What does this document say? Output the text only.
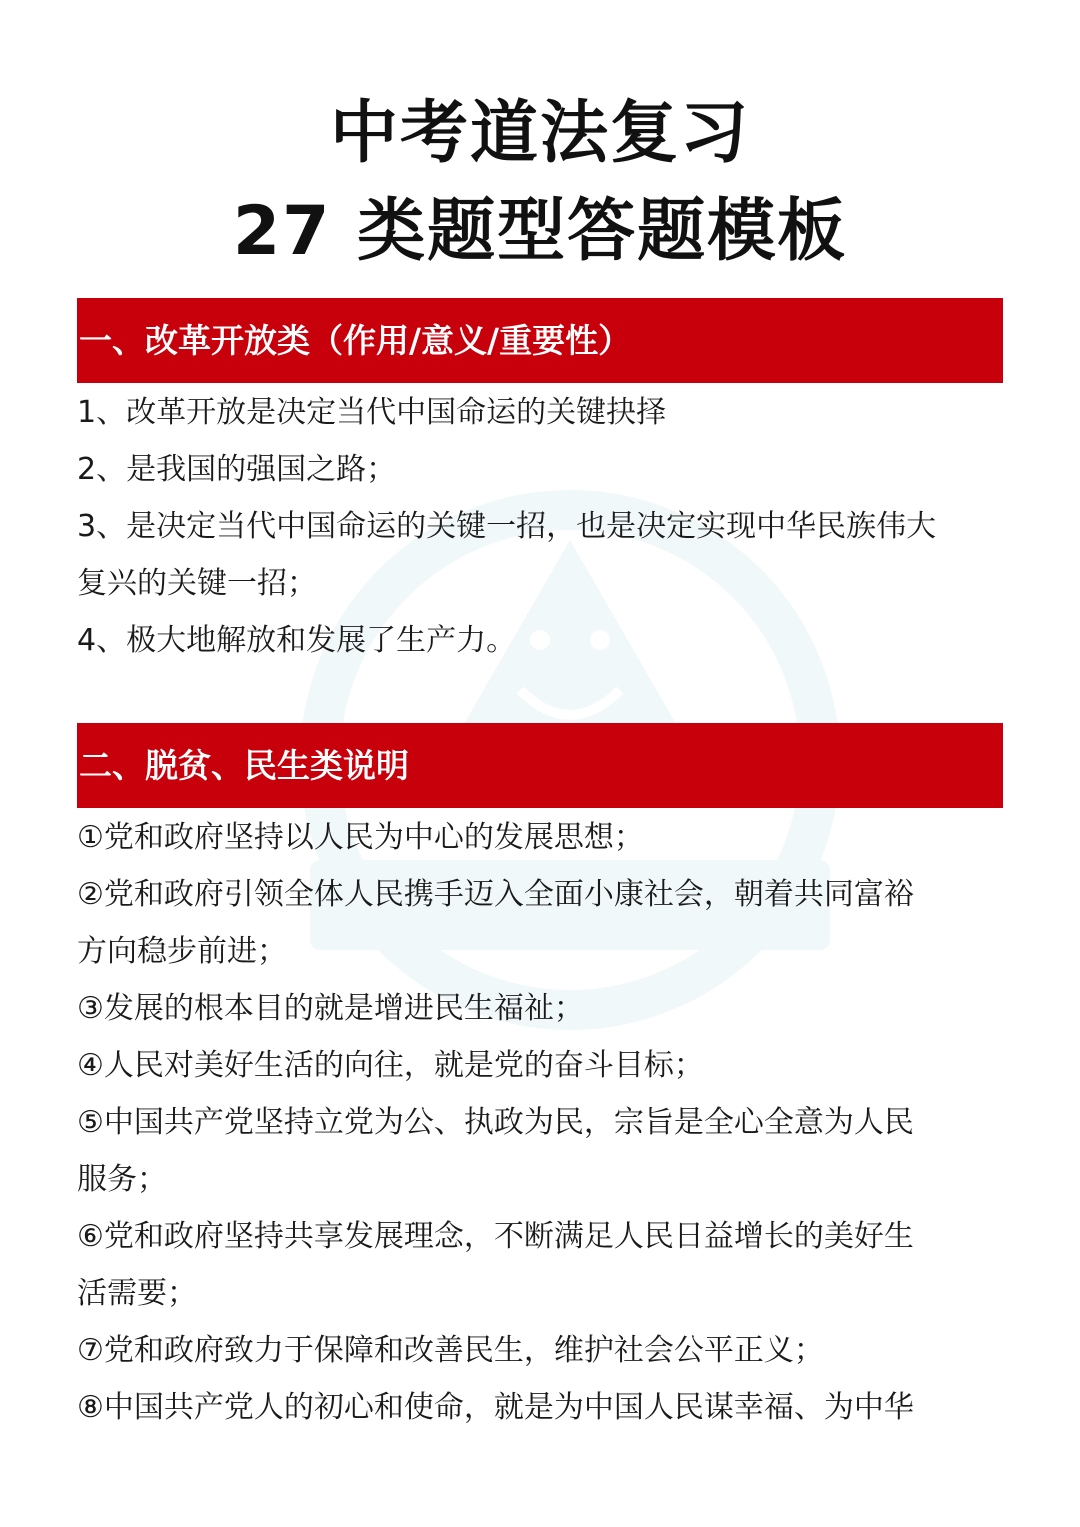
中考道法复习
27 类题型答题模板
一、改革开放类（作用/意义/重要性）
1、改革开放是决定当代中国命运的关键抉择
2、是我国的强国之路；
3、是决定当代中国命运的关键一招，也是决定实现中华民族伟大
复兴的关键一招；
4、极大地解放和发展了生产力。
二、脱贫、民生类说明
①党和政府坚持以人民为中心的发展思想；
②党和政府引领全体人民携手迈入全面小康社会，朝着共同富裕
方向稳步前进；
③发展的根本目的就是增进民生福祉；
④人民对美好生活的向往，就是党的奋斗目标；
⑤中国共产党坚持立党为公、执政为民，宗旨是全心全意为人民
服务；
⑥党和政府坚持共享发展理念，不断满足人民日益增长的美好生
活需要；
⑦党和政府致力于保障和改善民生，维护社会公平正义；
⑧中国共产党人的初心和使命，就是为中国人民谋幸福、为中华
